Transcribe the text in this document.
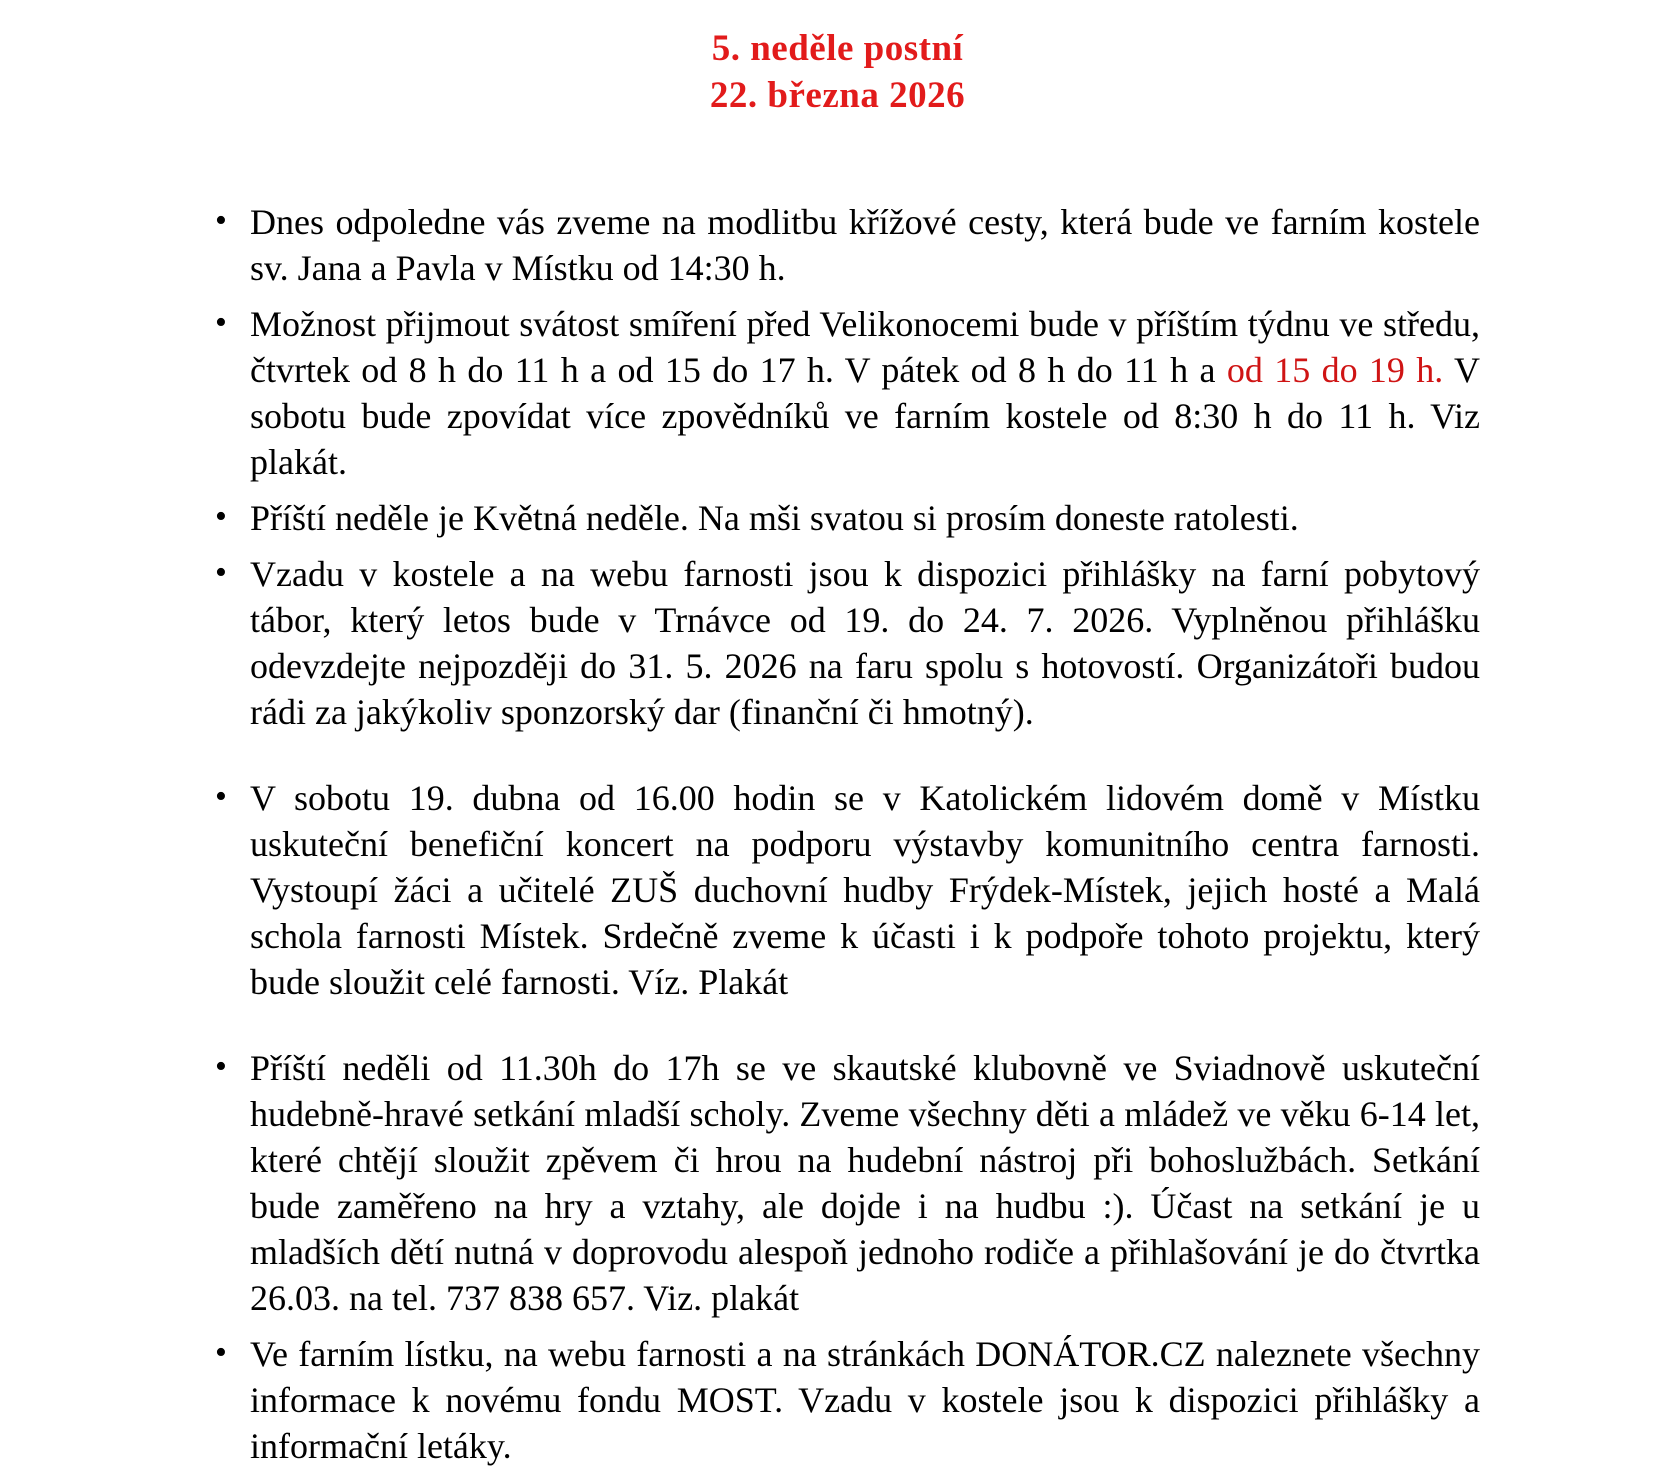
5. neděle postní
22. března 2026
• Dnes odpoledne vás zveme na modlitbu křížové cesty, která bude ve farním kostele sv. Jana a Pavla v Místku od 14:30 h.
• Možnost přijmout svátost smíření před Velikonocemi bude v příštím týdnu ve středu, čtvrtek od 8 h do 11 h a od 15 do 17 h. V pátek od 8 h do 11 h a od 15 do 19 h. V sobotu bude zpovídat více zpovědníků ve farním kostele od 8:30 h do 11 h. Viz plakát.
• Příští neděle je Květná neděle. Na mši svatou si prosím doneste ratolesti.
• Vzadu v kostele a na webu farnosti jsou k dispozici přihlášky na farní pobytový tábor, který letos bude v Trnávce od 19. do 24. 7. 2026. Vyplněnou přihlášku odevzdejte nejpozději do 31. 5. 2026 na faru spolu s hotovostí. Organizátoři budou rádi za jakýkoliv sponzorský dar (finanční či hmotný).
• V sobotu 19. dubna od 16.00 hodin se v Katolickém lidovém domě v Místku uskuteční benefiční koncert na podporu výstavby komunitního centra farnosti. Vystoupí žáci a učitelé ZUŠ duchovní hudby Frýdek-Místek, jejich hosté a Malá schola farnosti Místek. Srdečně zveme k účasti i k podpoře tohoto projektu, který bude sloužit celé farnosti. Víz. Plakát
• Příští neděli od 11.30h do 17h se ve skautské klubovně ve Sviadnově uskuteční hudebně-hravé setkání mladší scholy. Zveme všechny děti a mládež ve věku 6-14 let, které chtějí sloužit zpěvem či hrou na hudební nástroj při bohoslužbách. Setkání bude zaměřeno na hry a vztahy, ale dojde i na hudbu :). Účast na setkání je u mladších dětí nutná v doprovodu alespoň jednoho rodiče a přihlašování je do čtvrtka 26.03. na tel. 737 838 657. Viz. plakát
• Ve farním lístku, na webu farnosti a na stránkách DONÁTOR.CZ naleznete všechny informace k novému fondu MOST. Vzadu v kostele jsou k dispozici přihlášky a informační letáky.
